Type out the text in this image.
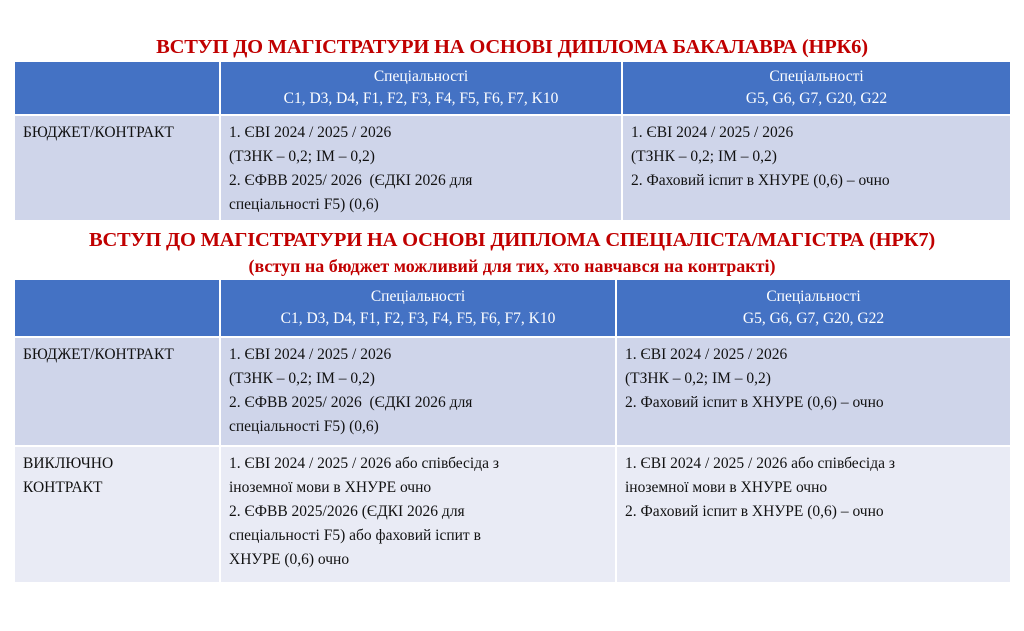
ВСТУП ДО МАГІСТРАТУРИ НА ОСНОВІ ДИПЛОМА БАКАЛАВРА (НРК6)

	Спеціальності
C1, D3, D4, F1, F2, F3, F4, F5, F6, F7, K10	Спеціальності
G5, G6, G7, G20, G22

БЮДЖЕТ/КОНТРАКТ	1. ЄВІ 2024 / 2025 / 2026
(ТЗНК – 0,2; ІМ – 0,2)
2. ЄФВВ 2025/ 2026  (ЄДКІ 2026 для
спеціальності F5) (0,6)	1. ЄВІ 2024 / 2025 / 2026
(ТЗНК – 0,2; ІМ – 0,2)
2. Фаховий іспит в ХНУРЕ (0,6) – очно
ВСТУП ДО МАГІСТРАТУРИ НА ОСНОВІ ДИПЛОМА СПЕЦІАЛІСТА/МАГІСТРА (НРК7)
(вступ на бюджет можливий для тих, хто навчався на контракті)

	Спеціальності
C1, D3, D4, F1, F2, F3, F4, F5, F6, F7, K10	Спеціальності
G5, G6, G7, G20, G22

БЮДЖЕТ/КОНТРАКТ	1. ЄВІ 2024 / 2025 / 2026
(ТЗНК – 0,2; ІМ – 0,2)
2. ЄФВВ 2025/ 2026  (ЄДКІ 2026 для
спеціальності F5) (0,6)	1. ЄВІ 2024 / 2025 / 2026
(ТЗНК – 0,2; ІМ – 0,2)
2. Фаховий іспит в ХНУРЕ (0,6) – очно

ВИКЛЮЧНО
КОНТРАКТ	1. ЄВІ 2024 / 2025 / 2026 або співбесіда з
іноземної мови в ХНУРЕ очно
2. ЄФВВ 2025/2026 (ЄДКІ 2026 для
спеціальності F5) або фаховий іспит в
ХНУРЕ (0,6) очно	1. ЄВІ 2024 / 2025 / 2026 або співбесіда з
іноземної мови в ХНУРЕ очно
2. Фаховий іспит в ХНУРЕ (0,6) – очно
